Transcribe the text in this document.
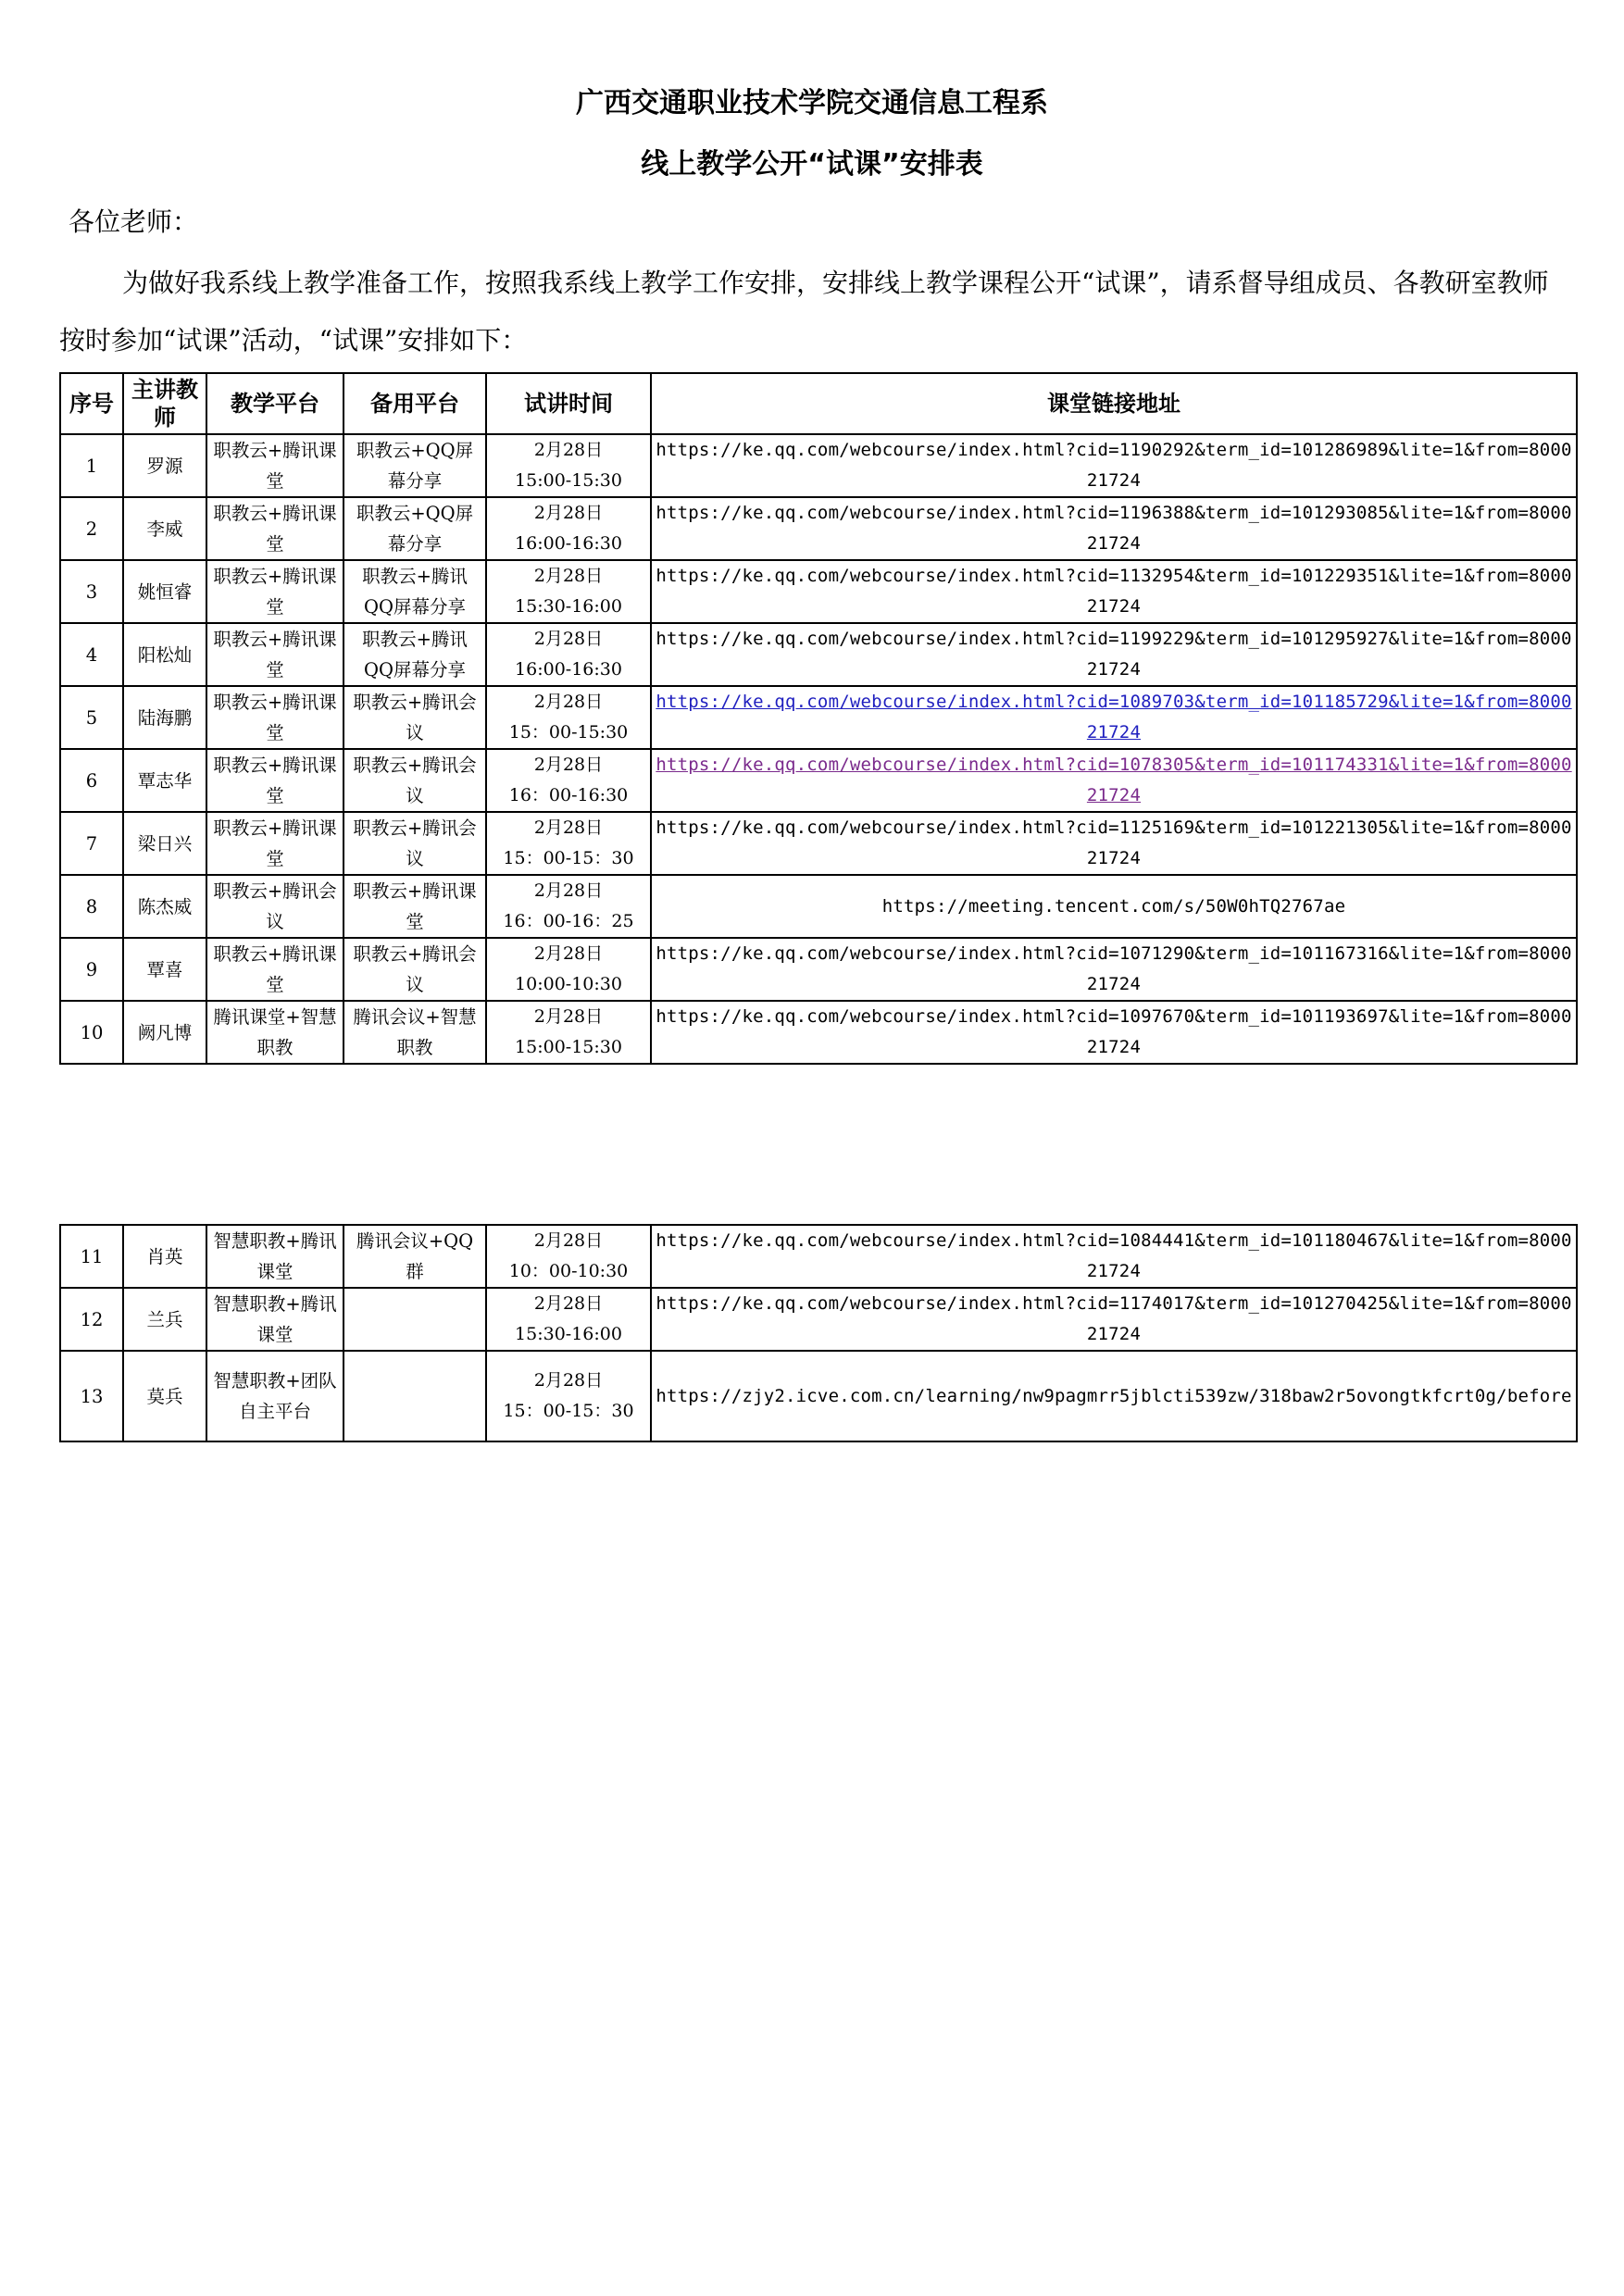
广西交通职业技术学院交通信息工程系
线上教学公开“试课”安排表
各位老师：
为做好我系线上教学准备工作，按照我系线上教学工作安排，安排线上教学课程公开“试课”，请系督导组成员、各教研室教师按时参加“试课”活动，“试课”安排如下：
序号	主讲教师	教学平台	备用平台	试讲时间	课堂链接地址
1	罗源	职教云+腾讯课堂	职教云+QQ屏幕分享	2月28日
15:00-15:30	https://ke.qq.com/webcourse/index.html?cid=1190292&term_id=101286989&lite=1&from=800021724
2	李威	职教云+腾讯课堂	职教云+QQ屏幕分享	2月28日
16:00-16:30	https://ke.qq.com/webcourse/index.html?cid=1196388&term_id=101293085&lite=1&from=800021724
3	姚恒睿	职教云+腾讯课堂	职教云+腾讯QQ屏幕分享	2月28日
15:30-16:00	https://ke.qq.com/webcourse/index.html?cid=1132954&term_id=101229351&lite=1&from=800021724
4	阳松灿	职教云+腾讯课堂	职教云+腾讯QQ屏幕分享	2月28日
16:00-16:30	https://ke.qq.com/webcourse/index.html?cid=1199229&term_id=101295927&lite=1&from=800021724
5	陆海鹏	职教云+腾讯课堂	职教云+腾讯会议	2月28日
15：00-15:30	https://ke.qq.com/webcourse/index.html?cid=1089703&term_id=101185729&lite=1&from=800021724
6	覃志华	职教云+腾讯课堂	职教云+腾讯会议	2月28日
16：00-16:30	https://ke.qq.com/webcourse/index.html?cid=1078305&term_id=101174331&lite=1&from=800021724
7	梁日兴	职教云+腾讯课堂	职教云+腾讯会议	2月28日
15：00-15：30	https://ke.qq.com/webcourse/index.html?cid=1125169&term_id=101221305&lite=1&from=800021724
8	陈杰威	职教云+腾讯会议	职教云+腾讯课堂	2月28日
16：00-16：25	https://meeting.tencent.com/s/50W0hTQ2767ae
9	覃喜	职教云+腾讯课堂	职教云+腾讯会议	2月28日
10:00-10:30	https://ke.qq.com/webcourse/index.html?cid=1071290&term_id=101167316&lite=1&from=800021724
10	阙凡博	腾讯课堂+智慧职教	腾讯会议+智慧职教	2月28日
15:00-15:30	https://ke.qq.com/webcourse/index.html?cid=1097670&term_id=101193697&lite=1&from=800021724
11	肖英	智慧职教+腾讯课堂	腾讯会议+QQ群	2月28日
10：00-10:30	https://ke.qq.com/webcourse/index.html?cid=1084441&term_id=101180467&lite=1&from=800021724
12	兰兵	智慧职教+腾讯课堂		2月28日
15:30-16:00	https://ke.qq.com/webcourse/index.html?cid=1174017&term_id=101270425&lite=1&from=800021724
13	莫兵	智慧职教+团队自主平台		2月28日
15：00-15：30	https://zjy2.icve.com.cn/learning/nw9pagmrr5jblcti539zw/318baw2r5ovongtkfcrt0g/before
